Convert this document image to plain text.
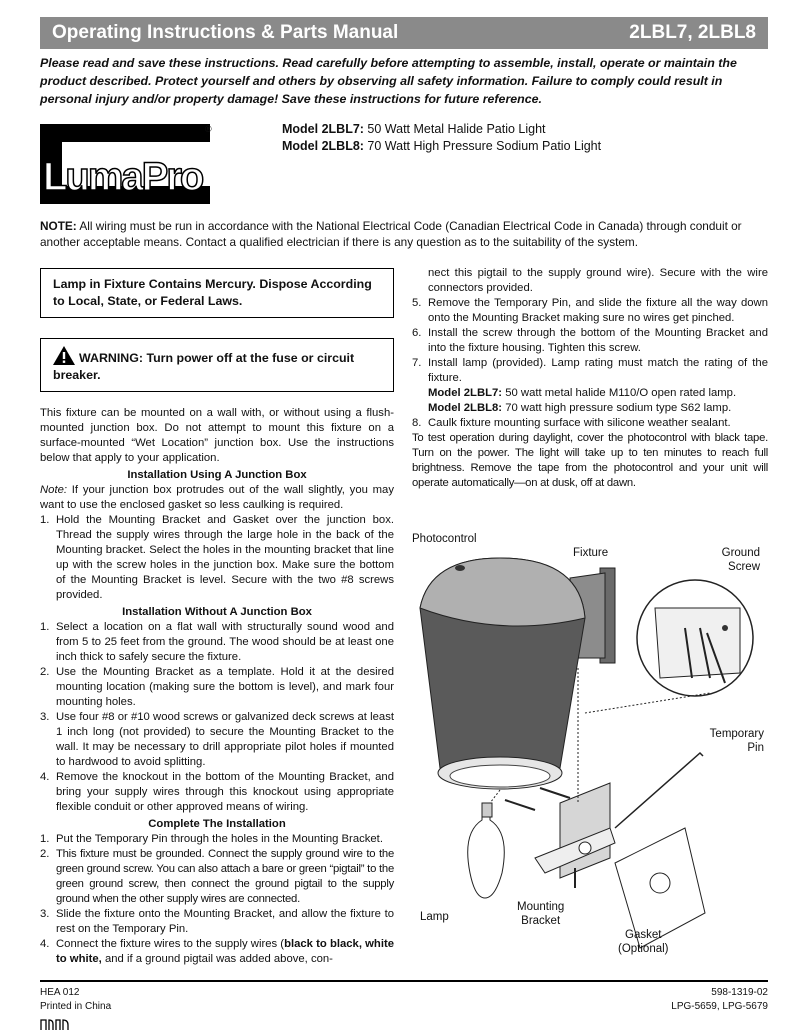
Operating Instructions & Parts Manual	2LBL7, 2LBL8
Please read and save these instructions. Read carefully before attempting to assemble, install, operate or maintain the product described. Protect yourself and others by observing all safety information. Failure to comply could result in personal injury and/or property damage! Save these instructions for future reference.
LumaPro
®	Model 2LBL7: 50 Watt Metal Halide Patio Light
Model 2LBL8: 70 Watt High Pressure Sodium Patio Light
NOTE: All wiring must be run in accordance with the National Electrical Code (Canadian Electrical Code in Canada) through conduit or another acceptable means. Contact a qualified electrician if there is any question as to the suitability of the system.
Lamp in Fixture Contains Mercury. Dispose According to Local, State, or Federal Laws.
WARNING: Turn power off at the fuse or circuit breaker.
This fixture can be mounted on a wall with, or without using a flush-mounted junction box. Do not attempt to mount this fixture on a surface-mounted “Wet Location” junction box. Use the instructions below that apply to your application.
Installation Using A Junction Box
Note: If your junction box protrudes out of the wall slightly, you may want to use the enclosed gasket so less caulking is required.
1. Hold the Mounting Bracket and Gasket over the junction box. Thread the supply wires through the large hole in the back of the Mounting bracket. Select the holes in the mounting bracket that line up with the screw holes in the junction box. Make sure the bottom of the Mounting Bracket is level. Secure with the two #8 screws provided.
Installation Without A Junction Box
1. Select a location on a flat wall with structurally sound wood and from 5 to 25 feet from the ground. The wood should be at least one inch thick to safely secure the fixture.
2. Use the Mounting Bracket as a template. Hold it at the desired mounting location (making sure the bottom is level), and mark four mounting holes.
3. Use four #8 or #10 wood screws or galvanized deck screws at least 1 inch long (not provided) to secure the Mounting Bracket to the wall. It may be necessary to drill appropriate pilot holes if mounted to hardwood to avoid splitting.
4. Remove the knockout in the bottom of the Mounting Bracket, and bring your supply wires through this knockout using appropriate flexible conduit or other approved means of wiring.
Complete The Installation
1. Put the Temporary Pin through the holes in the Mounting Bracket.
2. This fixture must be grounded. Connect the supply ground wire to the green ground screw. You can also attach a bare or green “pigtail” to the green ground screw, then connect the ground pigtail to the supply ground when the other supply wires are connected.
3. Slide the fixture onto the Mounting Bracket, and allow the fixture to rest on the Temporary Pin.
4. Connect the fixture wires to the supply wires (black to black, white to white, and if a ground pigtail was added above, con-
nect this pigtail to the supply ground wire). Secure with the wire connectors provided.
5. Remove the Temporary Pin, and slide the fixture all the way down onto the Mounting Bracket making sure no wires get pinched.
6. Install the screw through the bottom of the Mounting Bracket and into the fixture housing. Tighten this screw.
7. Install lamp (provided). Lamp rating must match the rating of the fixture.
Model 2LBL7: 50 watt metal halide M110/O open rated lamp.
Model 2LBL8: 70 watt high pressure sodium type S62 lamp.
8. Caulk fixture mounting surface with silicone weather sealant.
To test operation during daylight, cover the photocontrol with black tape. Turn on the power. The light will take up to ten minutes to reach full brightness. Remove the tape from the photocontrol and your unit will operate automatically—on at dusk, off at dawn.
Photocontrol
Fixture	Ground
Screw
Temporary
Pin
Lamp
Mounting
Bracket
Gasket
(Optional)
HEA 012
Printed in China
598-1319-02
LPG-5659, LPG-5679
